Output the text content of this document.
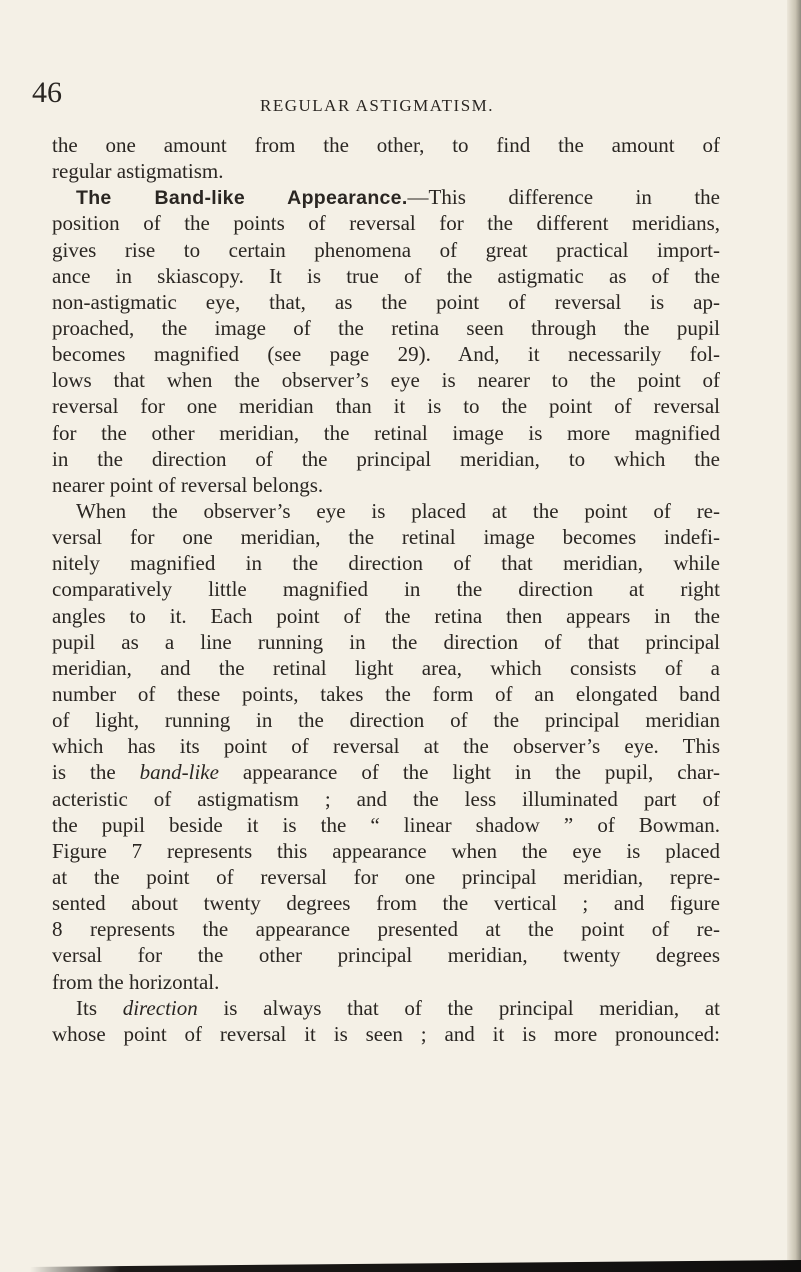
46	REGULAR ASTIGMATISM.
the one amount from the other, to find the amount of
regular astigmatism.
The Band-like Appearance.—This difference in the
position of the points of reversal for the different meridians,
gives rise to certain phenomena of great practical import-
ance in skiascopy. It is true of the astigmatic as of the
non-astigmatic eye, that, as the point of reversal is ap-
proached, the image of the retina seen through the pupil
becomes magnified (see page 29). And, it necessarily fol-
lows that when the observer’s eye is nearer to the point of
reversal for one meridian than it is to the point of reversal
for the other meridian, the retinal image is more magnified
in the direction of the principal meridian, to which the
nearer point of reversal belongs.
When the observer’s eye is placed at the point of re-
versal for one meridian, the retinal image becomes indefi-
nitely magnified in the direction of that meridian, while
comparatively little magnified in the direction at right
angles to it. Each point of the retina then appears in the
pupil as a line running in the direction of that principal
meridian, and the retinal light area, which consists of a
number of these points, takes the form of an elongated band
of light, running in the direction of the principal meridian
which has its point of reversal at the observer’s eye. This
is the band-like appearance of the light in the pupil, char-
acteristic of astigmatism ; and the less illuminated part of
the pupil beside it is the “ linear shadow ” of Bowman.
Figure 7 represents this appearance when the eye is placed
at the point of reversal for one principal meridian, repre-
sented about twenty degrees from the vertical ; and figure
8 represents the appearance presented at the point of re-
versal for the other principal meridian, twenty degrees
from the horizontal.
Its direction is always that of the principal meridian, at
whose point of reversal it is seen ; and it is more pronounced:
